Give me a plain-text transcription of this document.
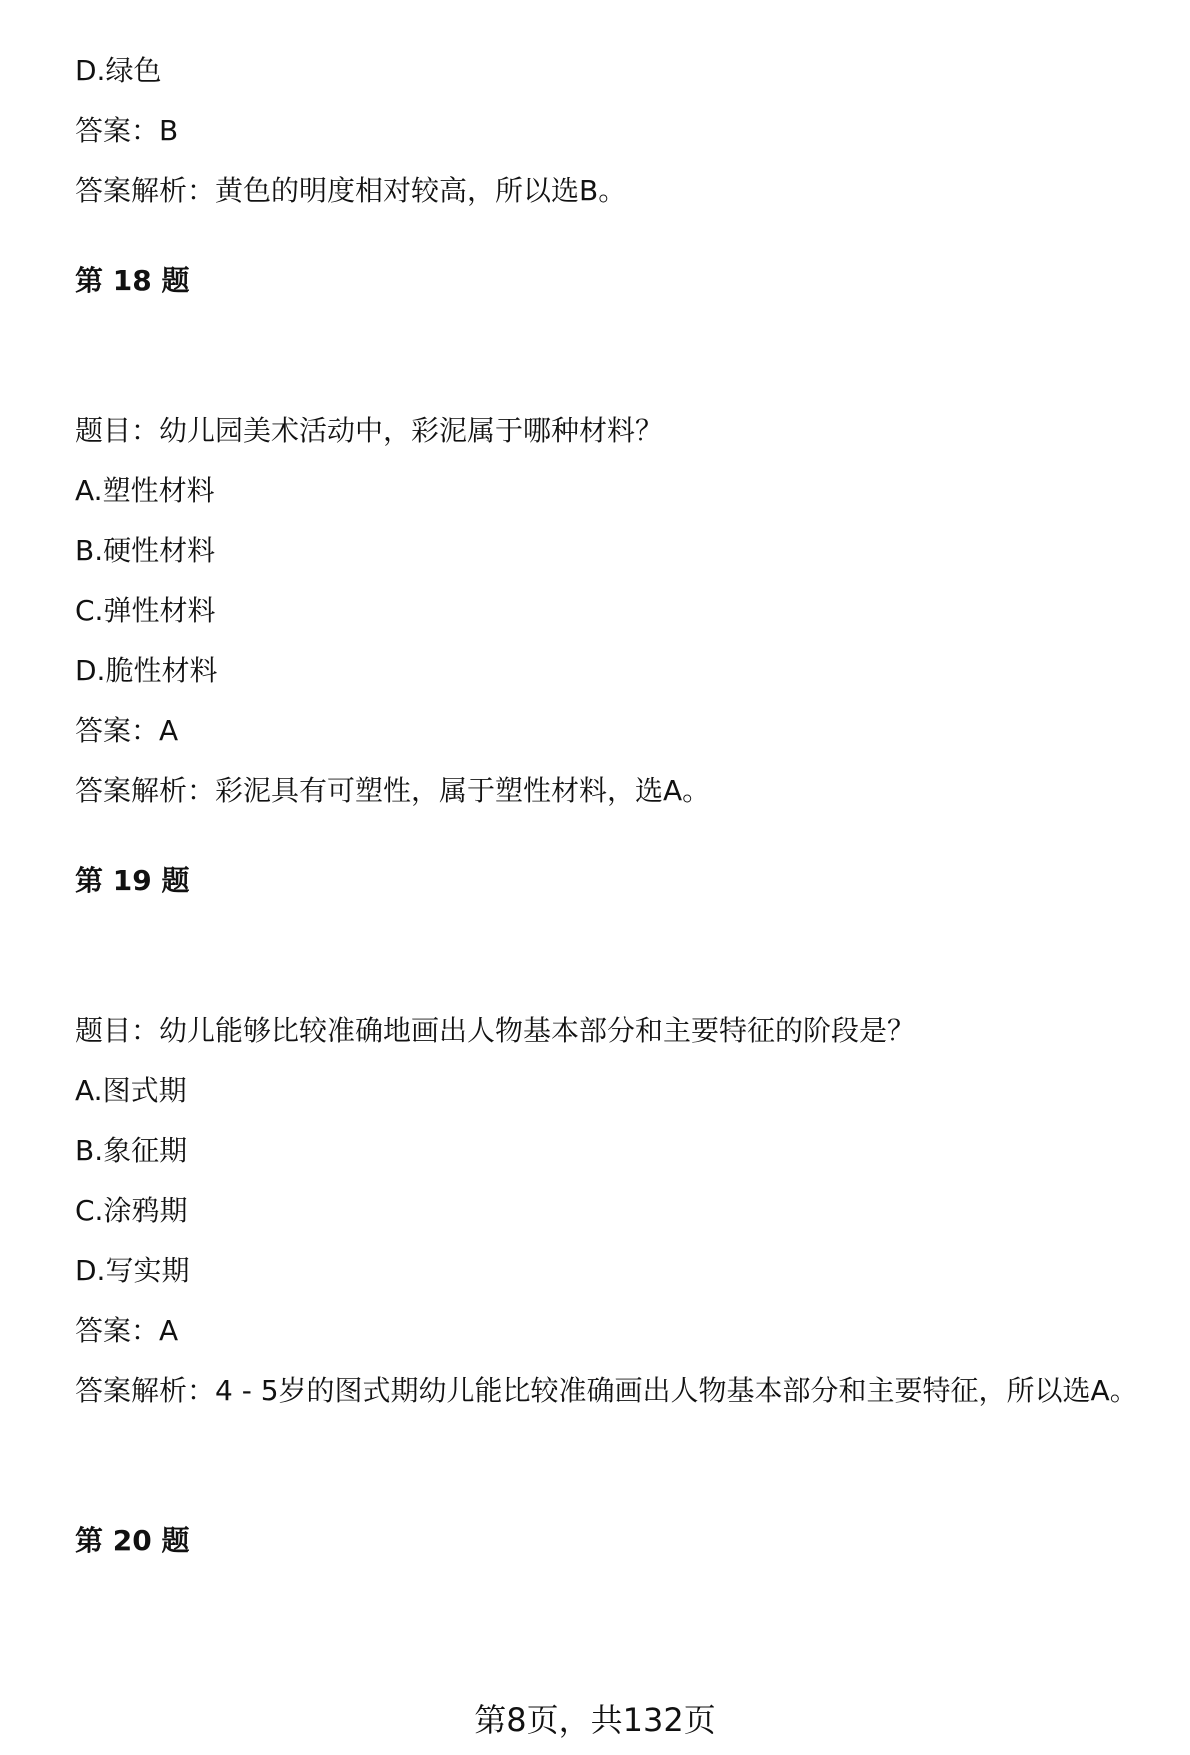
D.绿色
答案：B
答案解析：黄色的明度相对较高，所以选B。
第 18 题
题目：幼儿园美术活动中，彩泥属于哪种材料？
A.塑性材料
B.硬性材料
C.弹性材料
D.脆性材料
答案：A
答案解析：彩泥具有可塑性，属于塑性材料，选A。
第 19 题
题目：幼儿能够比较准确地画出人物基本部分和主要特征的阶段是？
A.图式期
B.象征期
C.涂鸦期
D.写实期
答案：A
答案解析：4 - 5岁的图式期幼儿能比较准确画出人物基本部分和主要特征，所以选A。
第 20 题
第8页，共132页
